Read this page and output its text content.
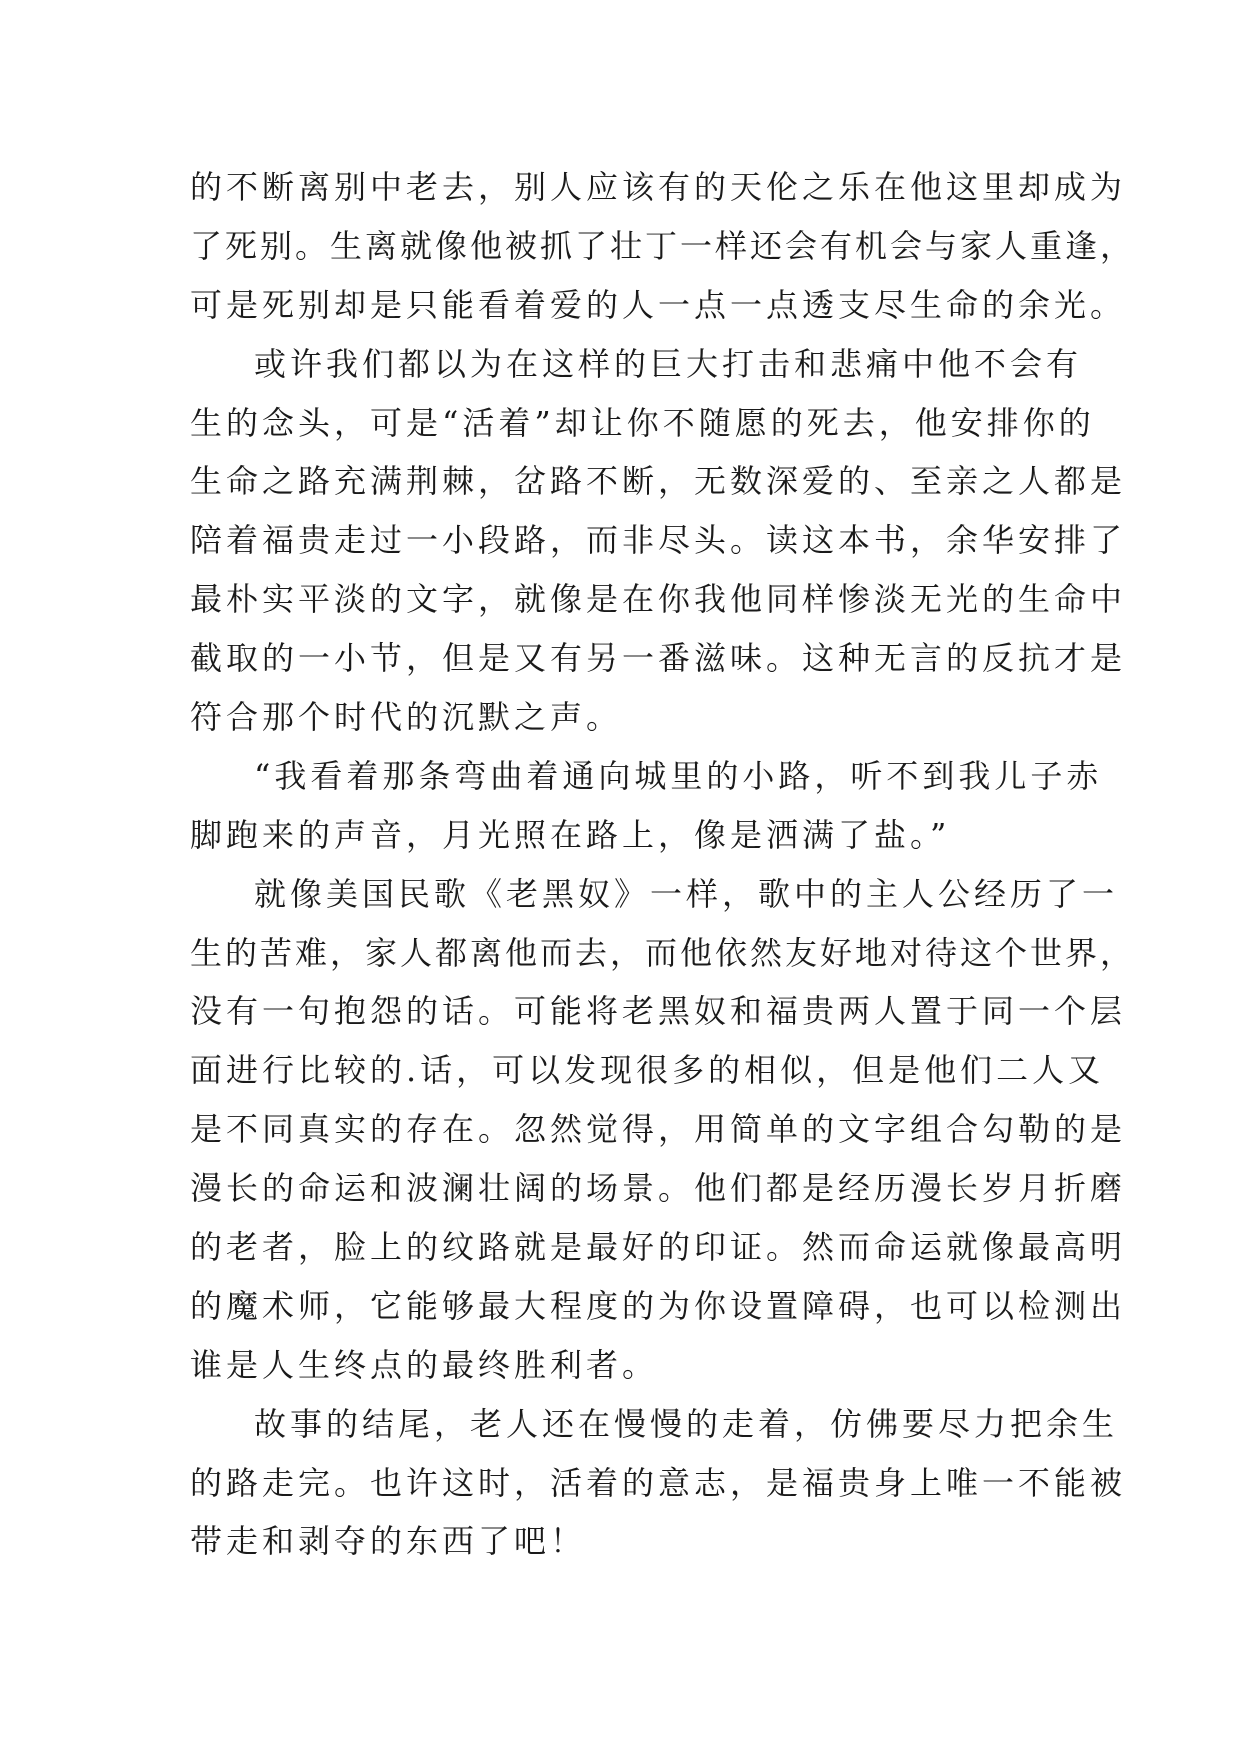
的不断离别中老去，别人应该有的天伦之乐在他这里却成为
了死别。生离就像他被抓了壮丁一样还会有机会与家人重逢，
可是死别却是只能看着爱的人一点一点透支尽生命的余光。
或许我们都以为在这样的巨大打击和悲痛中他不会有
生的念头，可是“活着”却让你不随愿的死去，他安排你的
生命之路充满荆棘，岔路不断，无数深爱的、至亲之人都是
陪着福贵走过一小段路，而非尽头。读这本书，余华安排了
最朴实平淡的文字，就像是在你我他同样惨淡无光的生命中
截取的一小节，但是又有另一番滋味。这种无言的反抗才是
符合那个时代的沉默之声。
“我看着那条弯曲着通向城里的小路，听不到我儿子赤
脚跑来的声音，月光照在路上，像是洒满了盐。”
就像美国民歌《老黑奴》一样，歌中的主人公经历了一
生的苦难，家人都离他而去，而他依然友好地对待这个世界，
没有一句抱怨的话。可能将老黑奴和福贵两人置于同一个层
面进行比较的.话，可以发现很多的相似，但是他们二人又
是不同真实的存在。忽然觉得，用简单的文字组合勾勒的是
漫长的命运和波澜壮阔的场景。他们都是经历漫长岁月折磨
的老者，脸上的纹路就是最好的印证。然而命运就像最高明
的魔术师，它能够最大程度的为你设置障碍，也可以检测出
谁是人生终点的最终胜利者。
故事的结尾，老人还在慢慢的走着，仿佛要尽力把余生
的路走完。也许这时，活着的意志，是福贵身上唯一不能被
带走和剥夺的东西了吧！
